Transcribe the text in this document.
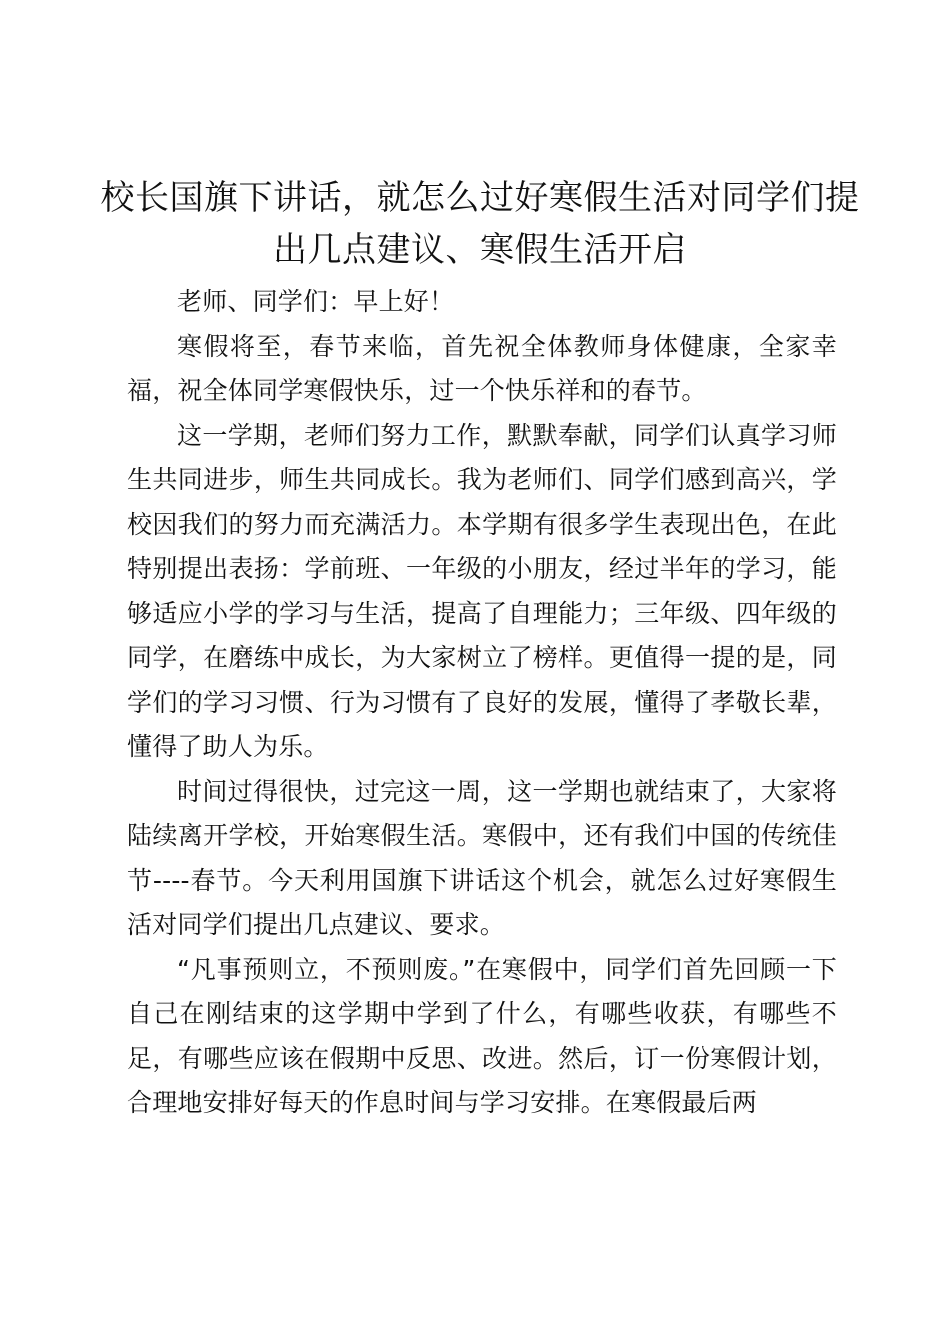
校长国旗下讲话，就怎么过好寒假生活对同学们提出几点建议、寒假生活开启

老师、同学们：早上好！

寒假将至，春节来临，首先祝全体教师身体健康，全家幸福，祝全体同学寒假快乐，过一个快乐祥和的春节。

这一学期，老师们努力工作，默默奉献，同学们认真学习师生共同进步，师生共同成长。我为老师们、同学们感到高兴，学校因我们的努力而充满活力。本学期有很多学生表现出色，在此特别提出表扬：学前班、一年级的小朋友，经过半年的学习，能够适应小学的学习与生活，提高了自理能力；三年级、四年级的同学，在磨练中成长，为大家树立了榜样。更值得一提的是，同学们的学习习惯、行为习惯有了良好的发展，懂得了孝敬长辈，懂得了助人为乐。

时间过得很快，过完这一周，这一学期也就结束了，大家将陆续离开学校，开始寒假生活。寒假中，还有我们中国的传统佳节----春节。今天利用国旗下讲话这个机会，就怎么过好寒假生活对同学们提出几点建议、要求。

“凡事预则立，不预则废。”在寒假中，同学们首先回顾一下自己在刚结束的这学期中学到了什么，有哪些收获，有哪些不足，有哪些应该在假期中反思、改进。然后，订一份寒假计划，合理地安排好每天的作息时间与学习安排。在寒假最后两
